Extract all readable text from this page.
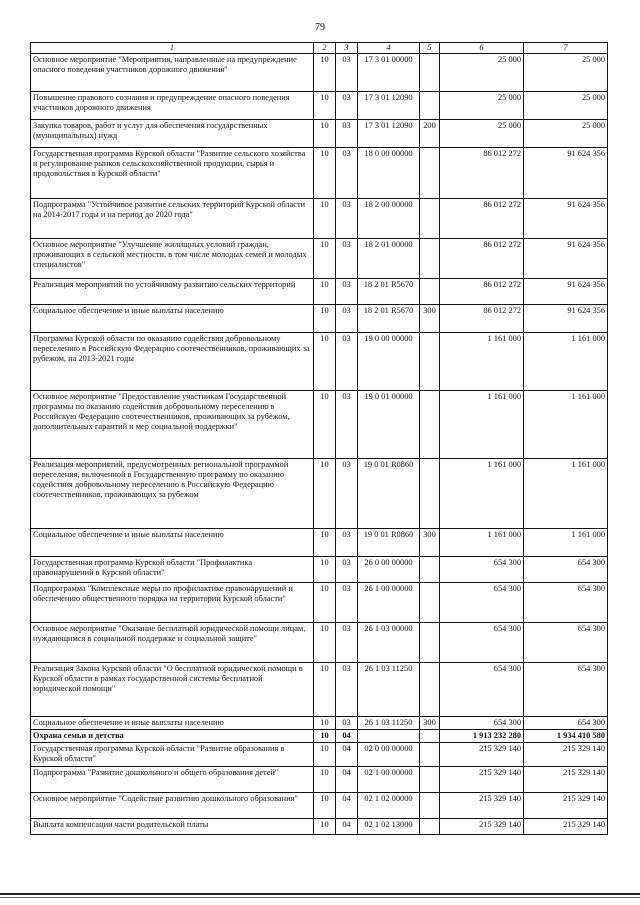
79
1	2	3	4	5	6	7
Основное мероприятие "Мероприятия, направленные на предупреждение опасного поведения участников дорожного движения"	10	03	17 3 01 00000		25 000	25 000
Повышение правового сознания и предупреждение опасного поведения участников дорожного движения	10	03	17 3 01 12090		25 000	25 000
Закупка товаров, работ и услуг для обеспечения государственных (муниципальных) нужд	10	03	17 3 01 12090	200	25 000	25 000
Государственная программа Курской области "Развитие сельского хозяйства и регулирование рынков сельскохозяйственной продукции, сырья и продовольствия в Курской области"	10	03	18 0 00 00000		86 012 272	91 624 356
Подпрограмма "Устойчивое развитие сельских территорий Курской области на 2014-2017 годы и на период до 2020 года"	10	03	18 2 00 00000		86 012 272	91 624 356
Основное мероприятие "Улучшение жилищных условий граждан, проживающих в сельской местности, в том числе молодых семей и молодых специалистов"	10	03	18 2 01 00000		86 012 272	91 624 356
Реализация мероприятий по устойчивому развитию сельских территорий	10	03	18 2 01 R5670		86 012 272	91 624 356
Социальное обеспечение и иные выплаты населению	10	03	18 2 01 R5670	300	86 012 272	91 624 356
Программа Курской области по оказанию содействия добровольному переселению в Российскую Федерацию соотечественников, проживающих за рубежом, на 2013-2021 годы	10	03	19 0 00 00000		1 161 000	1 161 000
Основное мероприятие "Предоставление участникам Государственной программы по оказанию содействия добровольному переселению в Российскую Федерацию соотечественников, проживающих за рубежом, дополнительных гарантий и мер социальной поддержки"	10	03	19 0 01 00000		1 161 000	1 161 000
Реализация мероприятий, предусмотренных региональной программой переселения, включенной в Государственную программу по оказанию содействия добровольному переселению в Российскую Федерацию соотечественников, проживающих за рубежом	10	03	19 0 01 R0860		1 161 000	1 161 000
Социальное обеспечение и иные выплаты населению	10	03	19 0 01 R0860	300	1 161 000	1 161 000
Государственная программа Курской области "Профилактика правонарушений в Курской области"	10	03	26 0 00 00000		654 300	654 300
Подпрограмма "Комплексные меры по профилактике правонарушений и обеспечению общественного порядка на территории Курской области"	10	03	26 1 00 00000		654 300	654 300
Основное мероприятие "Оказание бесплатной юридической помощи лицам, нуждающимся в социальной поддержке и социальной защите"	10	03	26 1 03 00000		654 300	654 300
Реализация Закона Курской области "О бесплатной юридической помощи в Курской области в рамках государственной системы бесплатной юридической помощи"	10	03	26 1 03 11250		654 300	654 300
Социальное обеспечение и иные выплаты населению	10	03	26 1 03 11250	300	654 300	654 300
Охрана семьи и детства	10	04			1 913 232 280	1 934 410 580
Государственная программа Курской области "Развитие образования в Курской области"	10	04	02 0 00 00000		215 329 140	215 329 140
Подпрограмма "Развитие дошкольного и общего образования детей"	10	04	02 1 00 00000		215 329 140	215 329 140
Основное мероприятие "Содействие развитию дошкольного образования"	10	04	02 1 02 00000		215 329 140	215 329 140
Выплата компенсации части родительской платы	10	04	02 1 02 13000		215 329 140	215 329 140
